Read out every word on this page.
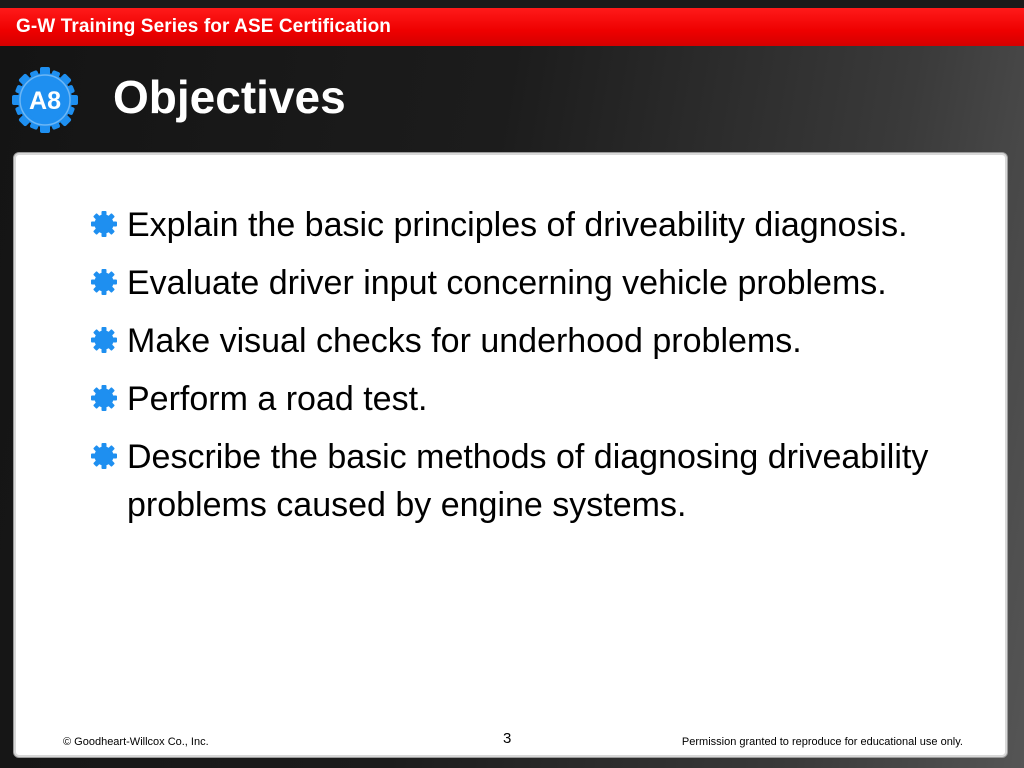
G-W Training Series for ASE Certification
A8 Objectives
Explain the basic principles of driveability diagnosis.
Evaluate driver input concerning vehicle problems.
Make visual checks for underhood problems.
Perform a road test.
Describe the basic methods of diagnosing driveability problems caused by engine systems.
© Goodheart-Willcox Co., Inc.	3	Permission granted to reproduce for educational use only.
